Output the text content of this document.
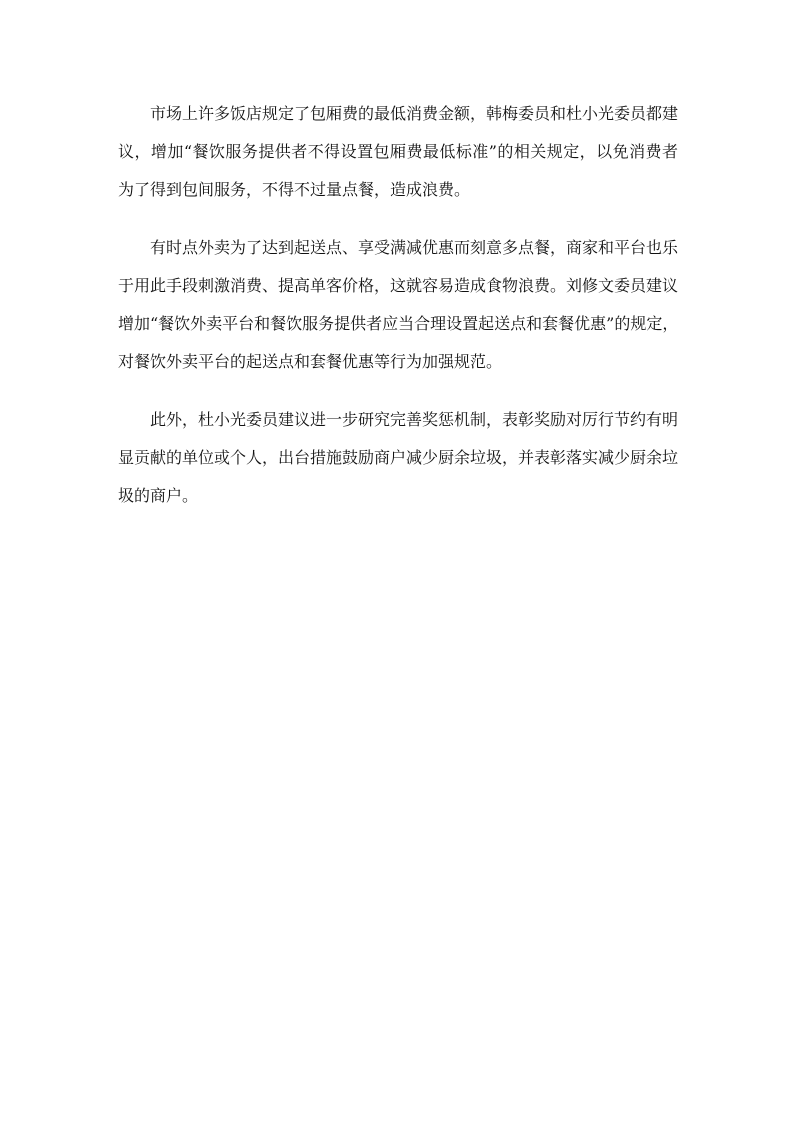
市场上许多饭店规定了包厢费的最低消费金额，韩梅委员和杜小光委员都建
议，增加“餐饮服务提供者不得设置包厢费最低标准”的相关规定，以免消费者
为了得到包间服务，不得不过量点餐，造成浪费。
有时点外卖为了达到起送点、享受满减优惠而刻意多点餐，商家和平台也乐
于用此手段刺激消费、提高单客价格，这就容易造成食物浪费。刘修文委员建议
增加“餐饮外卖平台和餐饮服务提供者应当合理设置起送点和套餐优惠”的规定，
对餐饮外卖平台的起送点和套餐优惠等行为加强规范。
此外，杜小光委员建议进一步研究完善奖惩机制，表彰奖励对厉行节约有明
显贡献的单位或个人，出台措施鼓励商户减少厨余垃圾，并表彰落实减少厨余垃
圾的商户。
